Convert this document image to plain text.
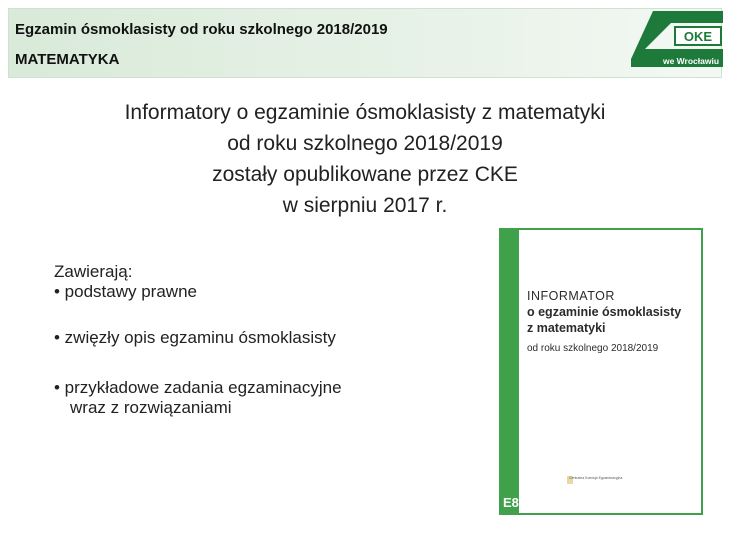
Egzamin ósmoklasisty od roku szkolnego 2018/2019
MATEMATYKA
OKE
we Wrocławiu
Informatory o egzaminie ósmoklasisty z matematyki
od roku szkolnego 2018/2019
zostały opublikowane przez CKE
w sierpniu 2017 r.

Zawierają:

• podstawy prawne

• zwięzły opis egzaminu ósmoklasisty

• przykładowe zadania egzaminacyjne

wraz z rozwiązaniami

INFORMATOR
o egzaminie ósmoklasisty
z matematyki
od roku szkolnego 2018/2019
Centralna Komisja Egzaminacyjna
E8
